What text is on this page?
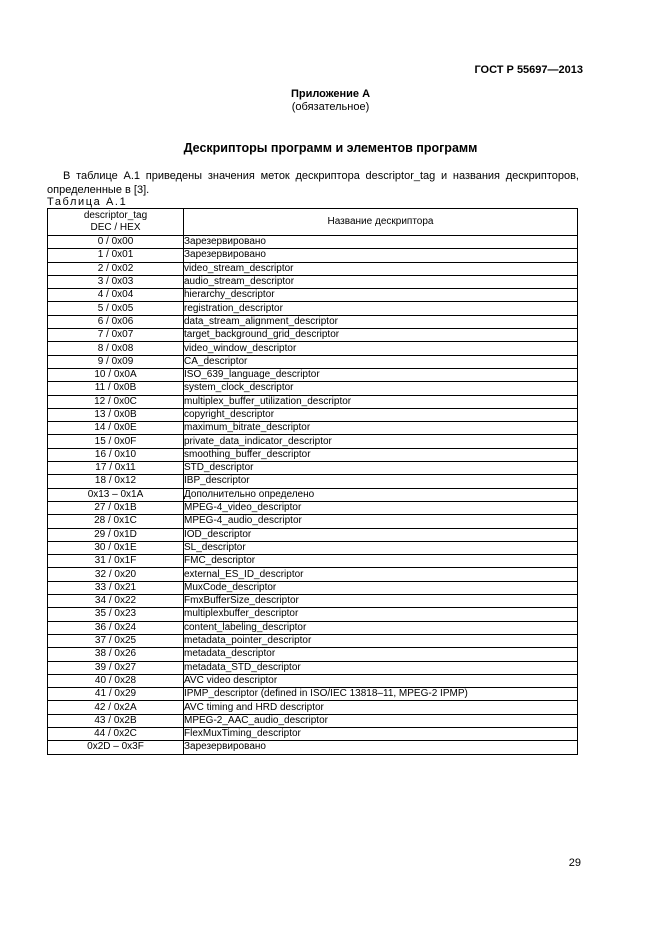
ГОСТ Р 55697—2013
Приложение А
(обязательное)
Дескрипторы программ и элементов программ

В таблице А.1 приведены значения меток дескриптора descriptor_tag и названия дескрипторов, определенные в [3].

Таблица А.1
descriptor_tag
DEC / HEX	Название дескриптора
0 / 0x00	Зарезервировано
1 / 0x01	Зарезервировано
2 / 0x02	video_stream_descriptor
3 / 0x03	audio_stream_descriptor
4 / 0x04	hierarchy_descriptor
5 / 0x05	registration_descriptor
6 / 0x06	data_stream_alignment_descriptor
7 / 0x07	target_background_grid_descriptor
8 / 0x08	video_window_descriptor
9 / 0x09	CA_descriptor
10 / 0x0A	ISO_639_language_descriptor
11 / 0x0B	system_clock_descriptor
12 / 0x0C	multiplex_buffer_utilization_descriptor
13 / 0x0B	copyright_descriptor
14 / 0x0E	maximum_bitrate_descriptor
15 / 0x0F	private_data_indicator_descriptor
16 / 0x10	smoothing_buffer_descriptor
17 / 0x11	STD_descriptor
18 / 0x12	IBP_descriptor
0x13 – 0x1A	Дополнительно определено
27 / 0x1B	MPEG-4_video_descriptor
28 / 0x1C	MPEG-4_audio_descriptor
29 / 0x1D	IOD_descriptor
30 / 0x1E	SL_descriptor
31 / 0x1F	FMC_descriptor
32 / 0x20	external_ES_ID_descriptor
33 / 0x21	MuxCode_descriptor
34 / 0x22	FmxBufferSize_descriptor
35 / 0x23	multiplexbuffer_descriptor
36 / 0x24	content_labeling_descriptor
37 / 0x25	metadata_pointer_descriptor
38 / 0x26	metadata_descriptor
39 / 0x27	metadata_STD_descriptor
40 / 0x28	AVC video descriptor
41 / 0x29	IPMP_descriptor (defined in ISO/IEC 13818–11, MPEG-2 IPMP)
42 / 0x2A	AVC timing and HRD descriptor
43 / 0x2B	MPEG-2_AAC_audio_descriptor
44 / 0x2C	FlexMuxTiming_descriptor
0x2D – 0x3F	Зарезервировано
29
